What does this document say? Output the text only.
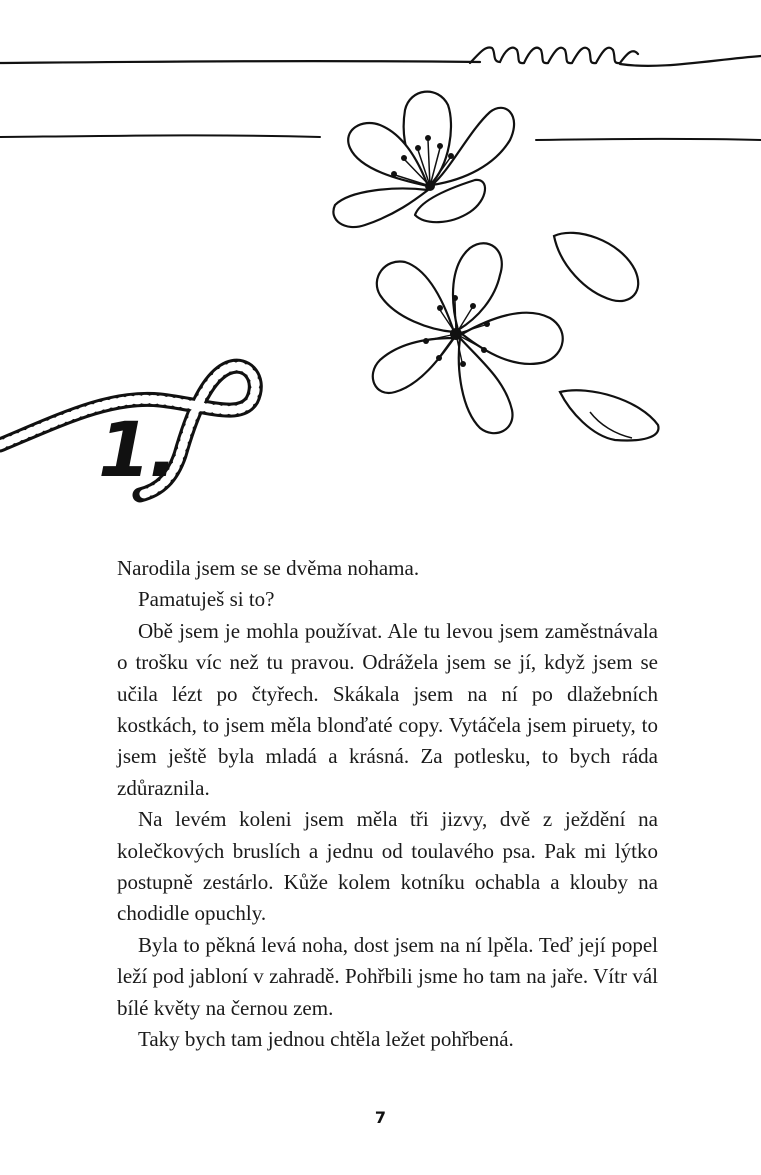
1.

Narodila jsem se se dvěma nohama.

Pamatuješ si to?

Obě jsem je mohla používat. Ale tu levou jsem zaměstnávala o trošku víc než tu pravou. Odrážela jsem se jí, když jsem se učila lézt po čtyřech. Skákala jsem na ní po dlažebních kostkách, to jsem měla blonďaté copy. Vytáčela jsem piruety, to jsem ještě byla mladá a krásná. Za potlesku, to bych ráda zdůraznila.

Na levém koleni jsem měla tři jizvy, dvě z ježdění na kolečkových bruslích a jednu od toulavého psa. Pak mi lýtko postupně zestárlo. Kůže kolem kotníku ochabla a klouby na chodidle opuchly.

Byla to pěkná levá noha, dost jsem na ní lpěla. Teď její popel leží pod jabloní v zahradě. Pohřbili jsme ho tam na jaře. Vítr vál bílé květy na černou zem.

Taky bych tam jednou chtěla ležet pohřbená.

7
